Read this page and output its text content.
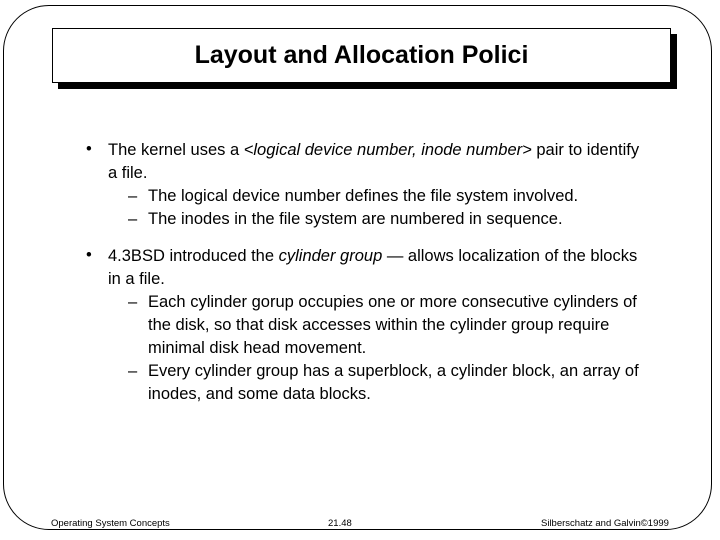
Layout and Allocation Polici
• The kernel uses a <logical device number, inode number> pair to identify a file.
– The logical device number defines the file system involved.
– The inodes in the file system are numbered in sequence.
• 4.3BSD introduced the cylinder group — allows localization of the blocks in a file.
– Each cylinder gorup occupies one or more consecutive cylinders of the disk, so that disk accesses within the cylinder group require minimal disk head movement.
– Every cylinder group has a superblock, a cylinder block, an array of inodes, and some data blocks.
Operating System Concepts	21.48	Silberschatz and Galvin©1999
